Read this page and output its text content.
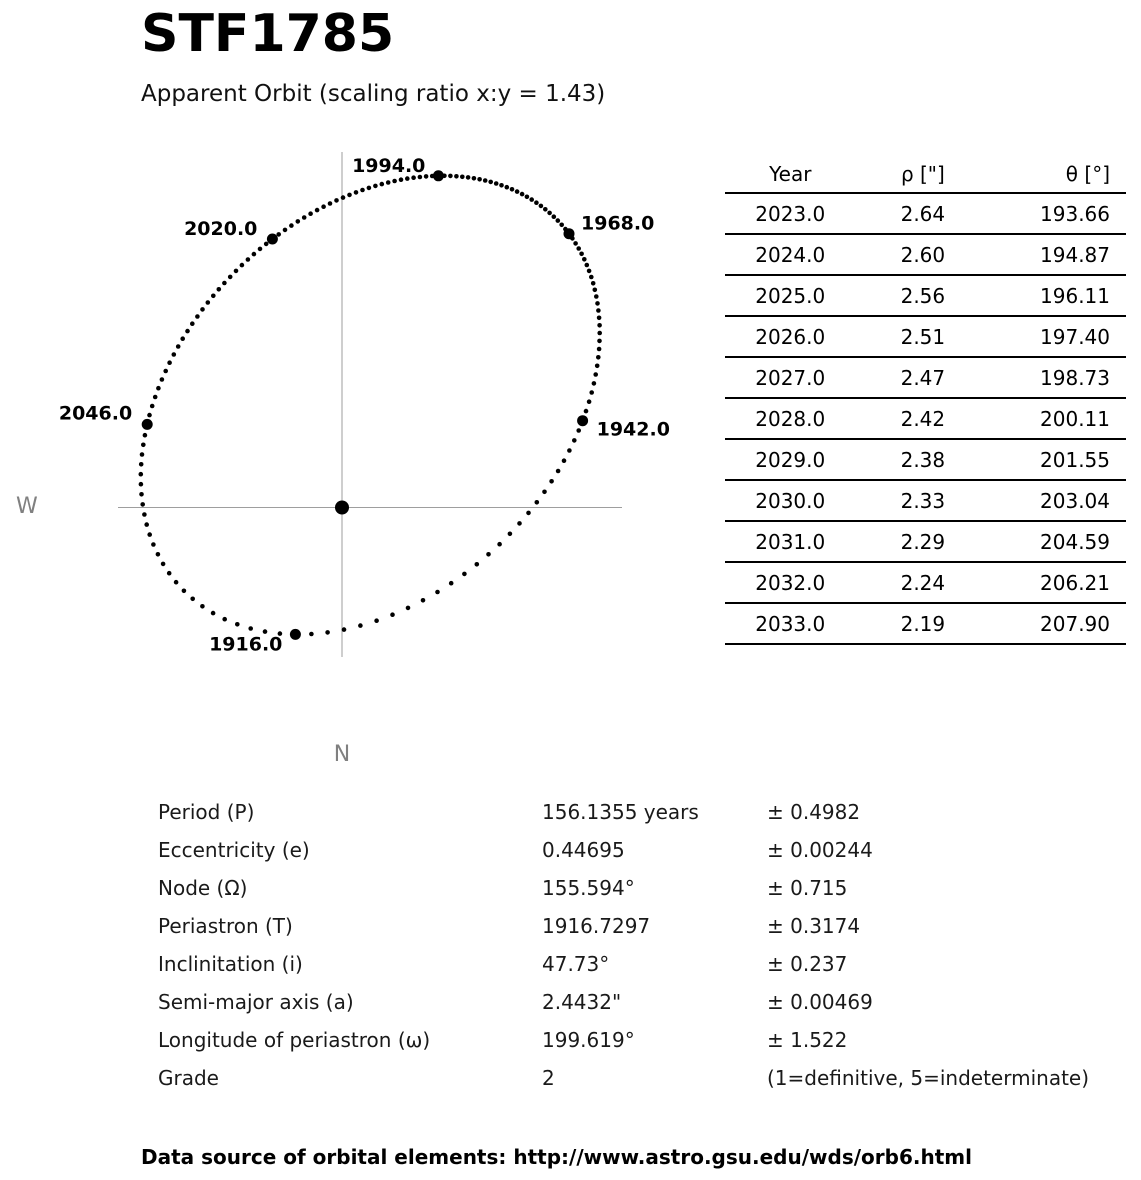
STF1785
Apparent Orbit (scaling ratio x:y = 1.43)
W
N
1916.0
1942.0
1968.0
1994.0
2020.0
2046.0
Year	ρ ["]	θ [°]
2023.0	2.64	193.66
2024.0	2.60	194.87
2025.0	2.56	196.11
2026.0	2.51	197.40
2027.0	2.47	198.73
2028.0	2.42	200.11
2029.0	2.38	201.55
2030.0	2.33	203.04
2031.0	2.29	204.59
2032.0	2.24	206.21
2033.0	2.19	207.90
Period (P)	156.1355 years	± 0.4982
Eccentricity (e)	0.44695	± 0.00244
Node (Ω)	155.594°	± 0.715
Periastron (T)	1916.7297	± 0.3174
Inclinitation (i)	47.73°	± 0.237
Semi-major axis (a)	2.4432"	± 0.00469
Longitude of periastron (ω)	199.619°	± 1.522
Grade	2	(1=definitive, 5=indeterminate)
Data source of orbital elements: http://www.astro.gsu.edu/wds/orb6.html
